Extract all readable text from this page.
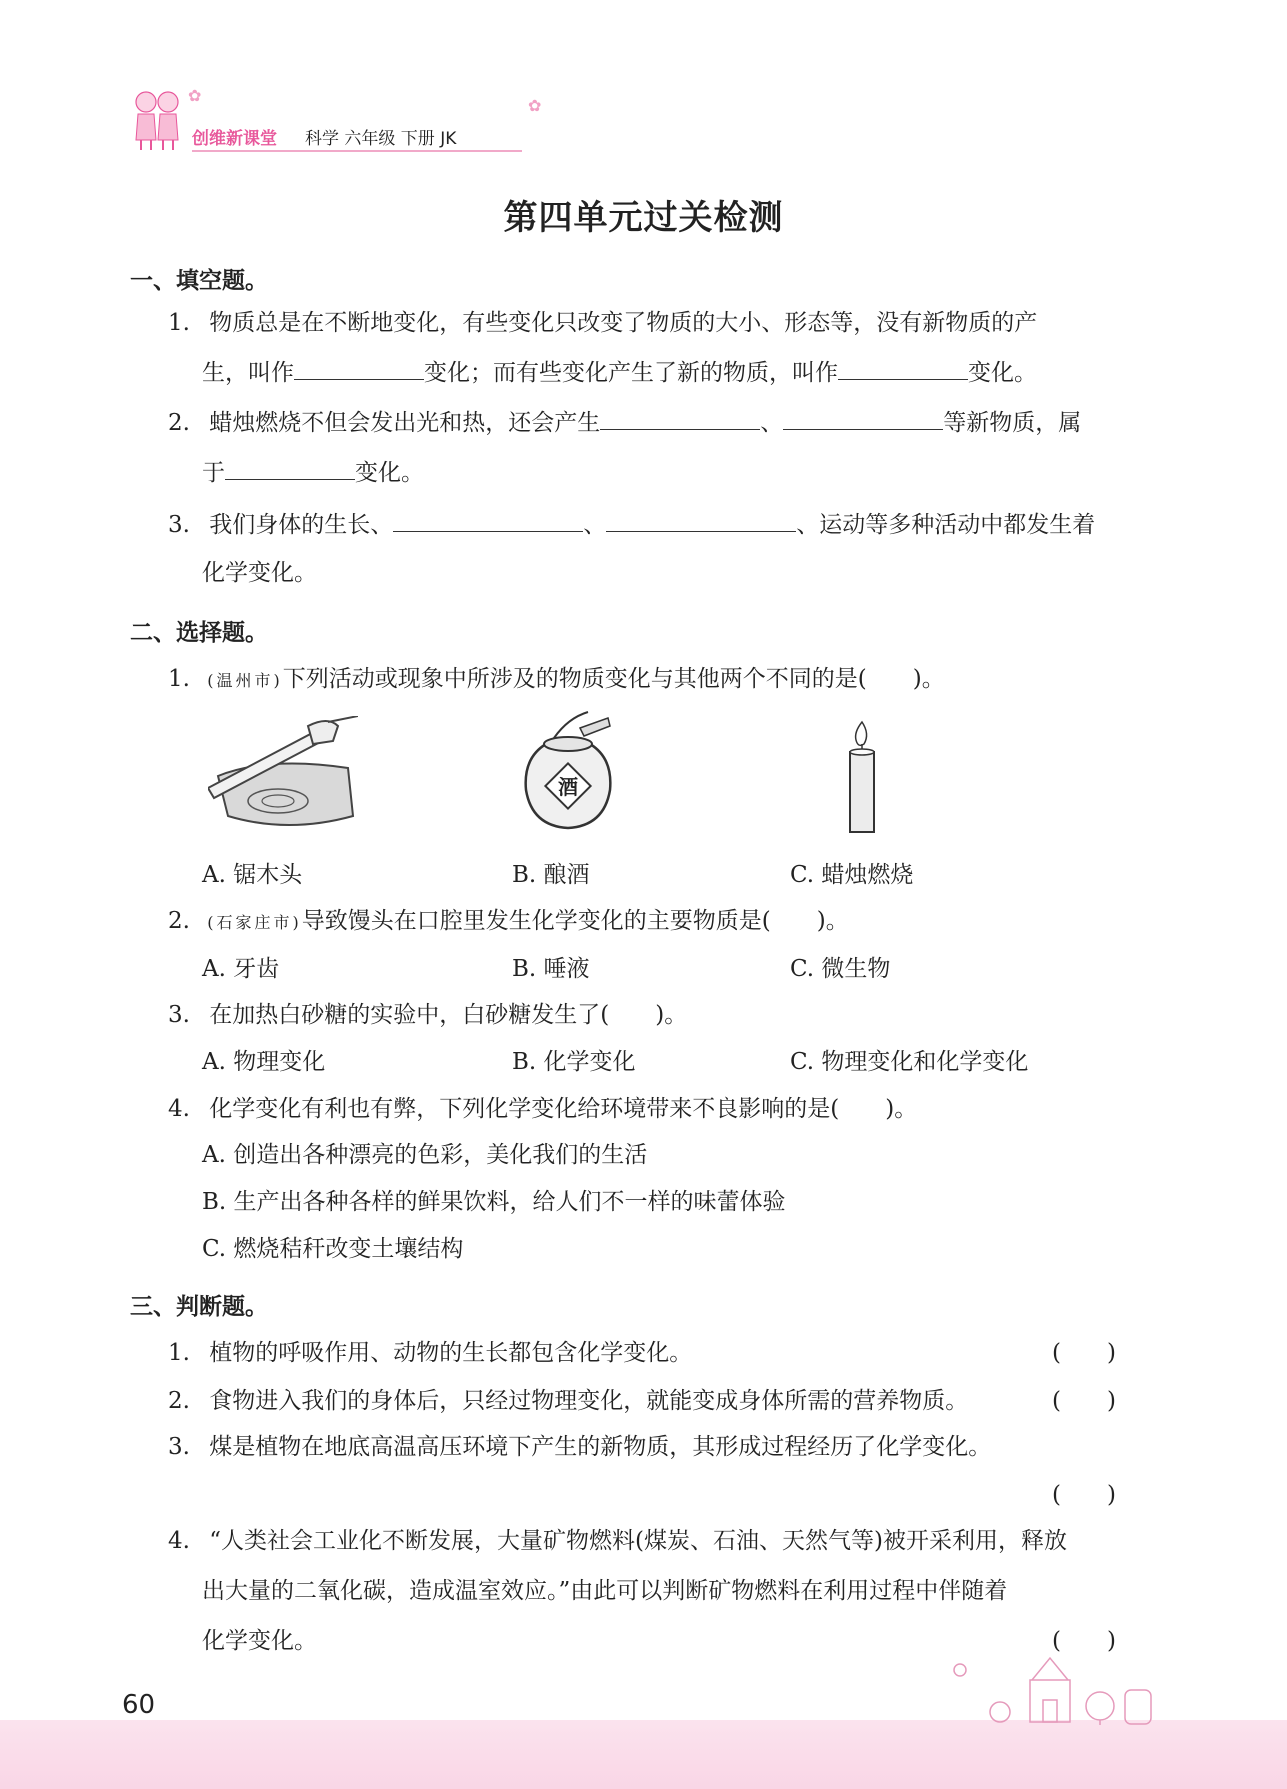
创维新课堂 科学 六年级 下册 JK
✿
✿
第四单元过关检测
一、填空题。
1. 物质总是在不断地变化，有些变化只改变了物质的大小、形态等，没有新物质的产
生，叫作	变化；而有些变化产生了新的物质，叫作	变化。
2. 蜡烛燃烧不但会发出光和热，还会产生	、	等新物质，属
于	变化。
3. 我们身体的生长、	、	、运动等多种活动中都发生着
化学变化。
二、选择题。
1. (温州市)下列活动或现象中所涉及的物质变化与其他两个不同的是(　　)。
酒
A. 锯木头	B. 酿酒	C. 蜡烛燃烧
2. (石家庄市)导致馒头在口腔里发生化学变化的主要物质是(　　)。
A. 牙齿	B. 唾液	C. 微生物
3. 在加热白砂糖的实验中，白砂糖发生了(　　)。
A. 物理变化	B. 化学变化	C. 物理变化和化学变化
4. 化学变化有利也有弊，下列化学变化给环境带来不良影响的是(　　)。
A. 创造出各种漂亮的色彩，美化我们的生活
B. 生产出各种各样的鲜果饮料，给人们不一样的味蕾体验
C. 燃烧秸秆改变土壤结构
三、判断题。
1. 植物的呼吸作用、动物的生长都包含化学变化。	(　　)
2. 食物进入我们的身体后，只经过物理变化，就能变成身体所需的营养物质。	(　　)
3. 煤是植物在地底高温高压环境下产生的新物质，其形成过程经历了化学变化。
(　　)
4. “人类社会工业化不断发展，大量矿物燃料(煤炭、石油、天然气等)被开采利用，释放
出大量的二氧化碳，造成温室效应。”由此可以判断矿物燃料在利用过程中伴随着
化学变化。	(　　)
60
